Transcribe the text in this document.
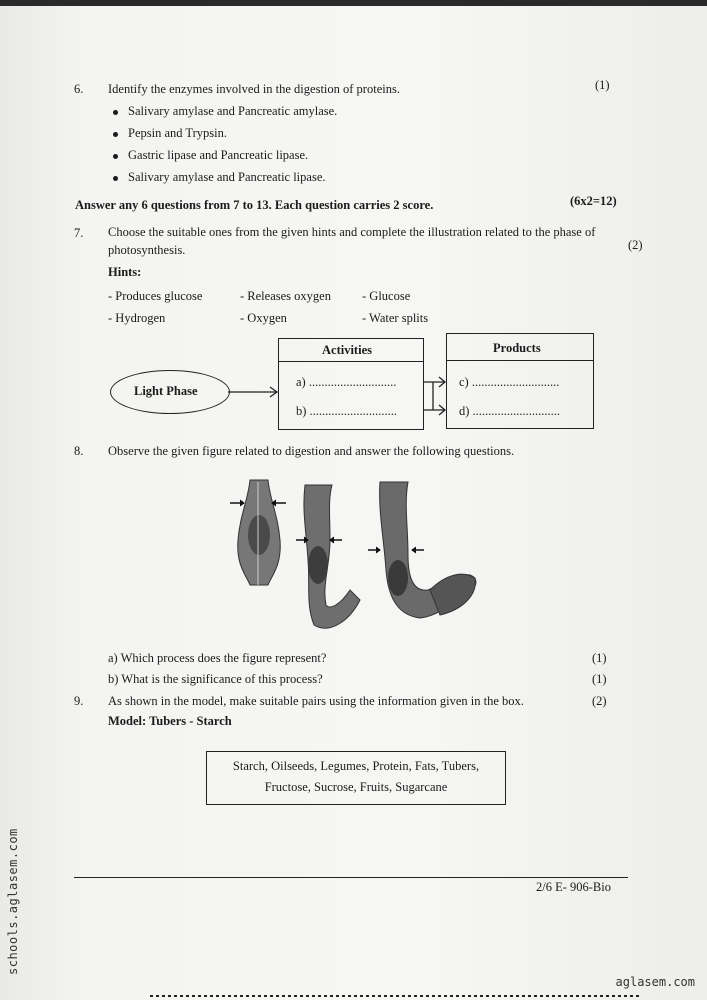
6. Identify the enzymes involved in the digestion of proteins.	(1)
Salivary amylase and Pancreatic amylase.
Pepsin and Trypsin.
Gastric lipase and Pancreatic lipase.
Salivary amylase and Pancreatic lipase.
Answer any 6 questions from 7 to 13. Each question carries 2 score.	(6x2=12)
7. Choose the suitable ones from the given hints and complete the illustration related to the phase of
photosynthesis.	(2)
Hints:
- Produces glucose	- Releases oxygen - Glucose
- Hydrogen	- Oxygen	- Water splits
Light Phase
Activities
a) ............................
b) ............................
Products
c) ............................
d) ............................
8. Observe the given figure related to digestion and answer the following questions.
a) Which process does the figure represent?	(1)
b) What is the significance of this process?	(1)
9. As shown in the model, make suitable pairs using the information given in the box.	(2)
Model: Tubers - Starch
Starch, Oilseeds, Legumes, Protein, Fats, Tubers,
Fructose, Sucrose, Fruits, Sugarcane
2/6 E- 906-Bio
schools.aglasem.com
aglasem.com
